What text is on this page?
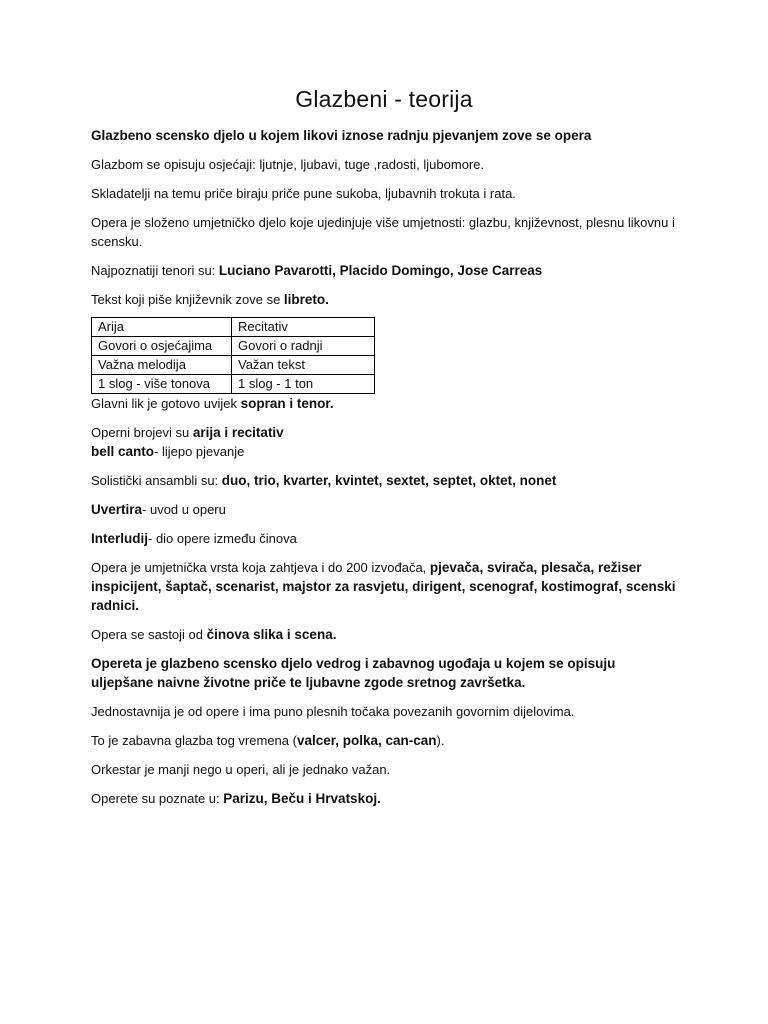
Glazbeni - teorija

Glazbeno scensko djelo u kojem likovi iznose radnju pjevanjem zove se opera

Glazbom se opisuju osjećaji: ljutnje, ljubavi, tuge ,radosti, ljubomore.

Skladatelji na temu priče biraju priče pune sukoba, ljubavnih trokuta i rata.

Opera je složeno umjetničko djelo koje ujedinjuje više umjetnosti: glazbu, književnost, plesnu likovnu i scensku.

Najpoznatiji tenori su: Luciano Pavarotti, Placido Domingo, Jose Carreas

Tekst koji piše književnik zove se libreto.

Arija	Recitativ
Govori o osjećajima	Govori o radnji
Važna melodija	Važan tekst
1 slog - više tonova	1 slog - 1 ton

Glavni lik je gotovo uvijek sopran i tenor.

Operni brojevi su arija i recitativ
bell canto- lijepo pjevanje

Solistički ansambli su: duo, trio, kvarter, kvintet, sextet, septet, oktet, nonet

Uvertira- uvod u operu

Interludij- dio opere između činova

Opera je umjetnička vrsta koja zahtjeva i do 200 izvođača, pjevača, svirača, plesača, režiser inspicijent, šaptač, scenarist, majstor za rasvjetu, dirigent, scenograf, kostimograf, scenski radnici.

Opera se sastoji od činova slika i scena.

Opereta je glazbeno scensko djelo vedrog i zabavnog ugođaja u kojem se opisuju uljepšane naivne životne priče te ljubavne zgode sretnog završetka.

Jednostavnija je od opere i ima puno plesnih točaka povezanih govornim dijelovima.

To je zabavna glazba tog vremena (valcer, polka, can-can).

Orkestar je manji nego u operi, ali je jednako važan.

Operete su poznate u: Parizu, Beču i Hrvatskoj.
